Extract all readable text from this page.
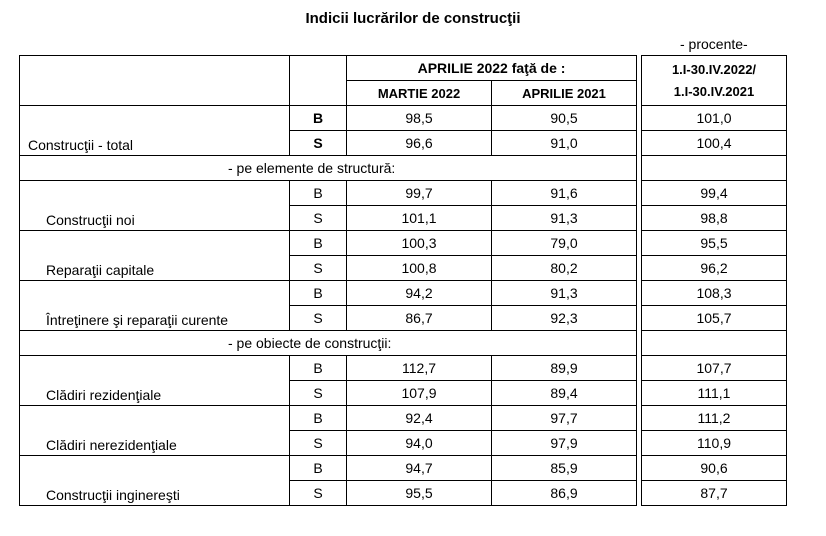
Indicii lucrărilor de construcţii
- procente-
		APRILIE 2022 faţă de :			1.I-30.IV.2022/
1.I-30.IV.2021
		MARTIE 2022	APRILIE 2021		
Construcţii - total	B	98,5	90,5		101,0
	S	96,6	91,0		100,4
- pe elemente de structură:					
Construcţii noi	B	99,7	91,6		99,4
	S	101,1	91,3		98,8
Reparaţii capitale	B	100,3	79,0		95,5
	S	100,8	80,2		96,2
Întreţinere şi reparaţii curente	B	94,2	91,3		108,3
	S	86,7	92,3		105,7
- pe obiecte de construcţii:					
Clădiri rezidenţiale	B	112,7	89,9		107,7
	S	107,9	89,4		111,1
Clădiri nerezidenţiale	B	92,4	97,7		111,2
	S	94,0	97,9		110,9
Construcţii inginereşti	B	94,7	85,9		90,6
	S	95,5	86,9		87,7
